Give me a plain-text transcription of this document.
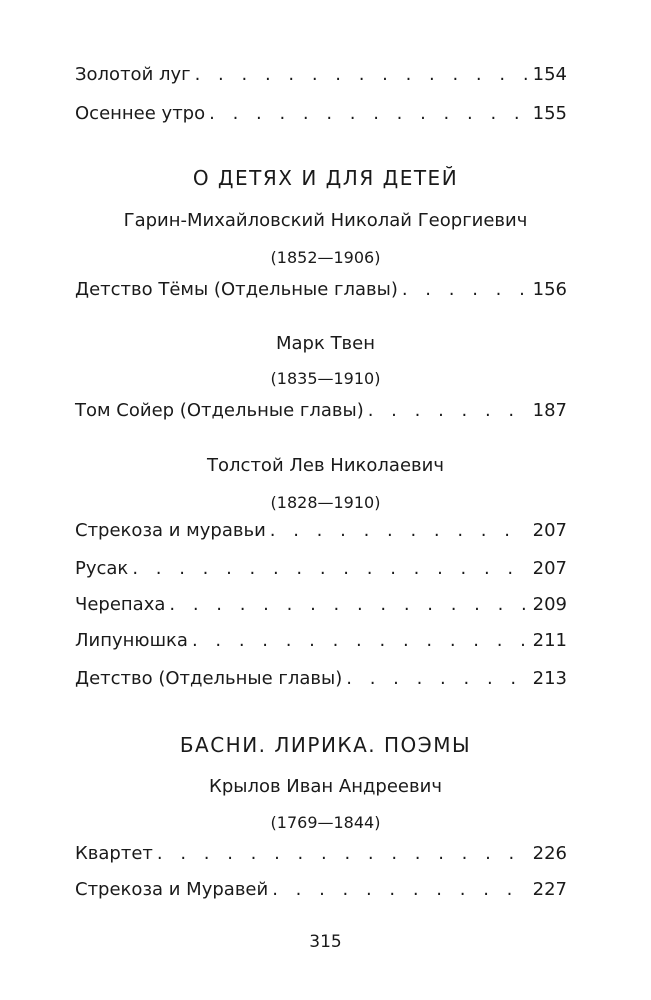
Золотой луг . . .	154
Осеннее утро . . .	155
О ДЕТЯХ И ДЛЯ ДЕТЕЙ
Гарин-Михайловский Николай Георгиевич
(1852—1906)
Детство Тёмы (Отдельные главы) . . .	156
Марк Твен
(1835—1910)
Том Сойер (Отдельные главы) . . .	187
Толстой Лев Николаевич
(1828—1910)
Стрекоза и муравьи . . .	207
Русак . . .	207
Черепаха . . .	209
Липунюшка . . .	211
Детство (Отдельные главы) . . .	213
БАСНИ. ЛИРИКА. ПОЭМЫ
Крылов Иван Андреевич
(1769—1844)
Квартет . . .	226
Стрекоза и Муравей . . .	227
315
